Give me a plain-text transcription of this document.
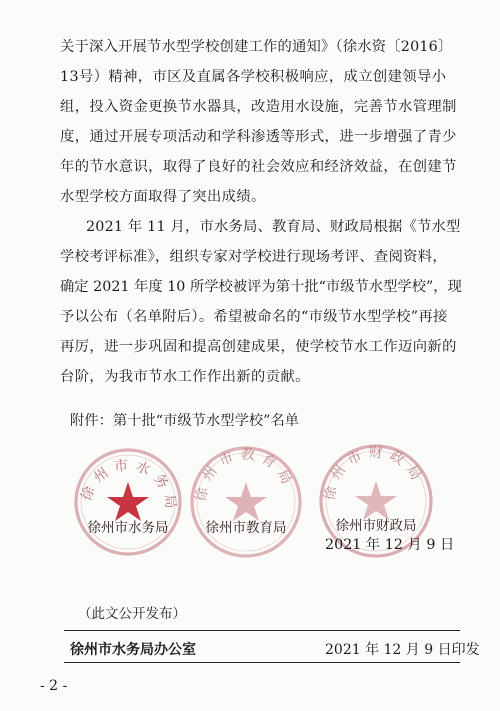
关于深入开展节水型学校创建工作的通知》（徐水资〔2016〕
13号）精神，市区及直属各学校积极响应，成立创建领导小
组，投入资金更换节水器具，改造用水设施，完善节水管理制
度，通过开展专项活动和学科渗透等形式，进一步增强了青少
年的节水意识，取得了良好的社会效应和经济效益，在创建节
水型学校方面取得了突出成绩。
2021 年 11 月，市水务局、教育局、财政局根据《节水型
学校考评标准》，组织专家对学校进行现场考评、查阅资料，
确定 2021 年度 10 所学校被评为第十批“市级节水型学校”，现
予以公布（名单附后）。希望被命名的“市级节水型学校”再接
再厉，进一步巩固和提高创建成果，使学校节水工作迈向新的
台阶，为我市节水工作作出新的贡献。
附件：第十批“市级节水型学校”名单
徐州市水务局
徐州市水务局
徐州市教育局
徐州市教育局
徐州市财政局
徐州市财政局
2021 年 12 月 9 日
（此文公开发布）
徐州市水务局办公室	2021 年 12 月 9 日印发
- 2 -
